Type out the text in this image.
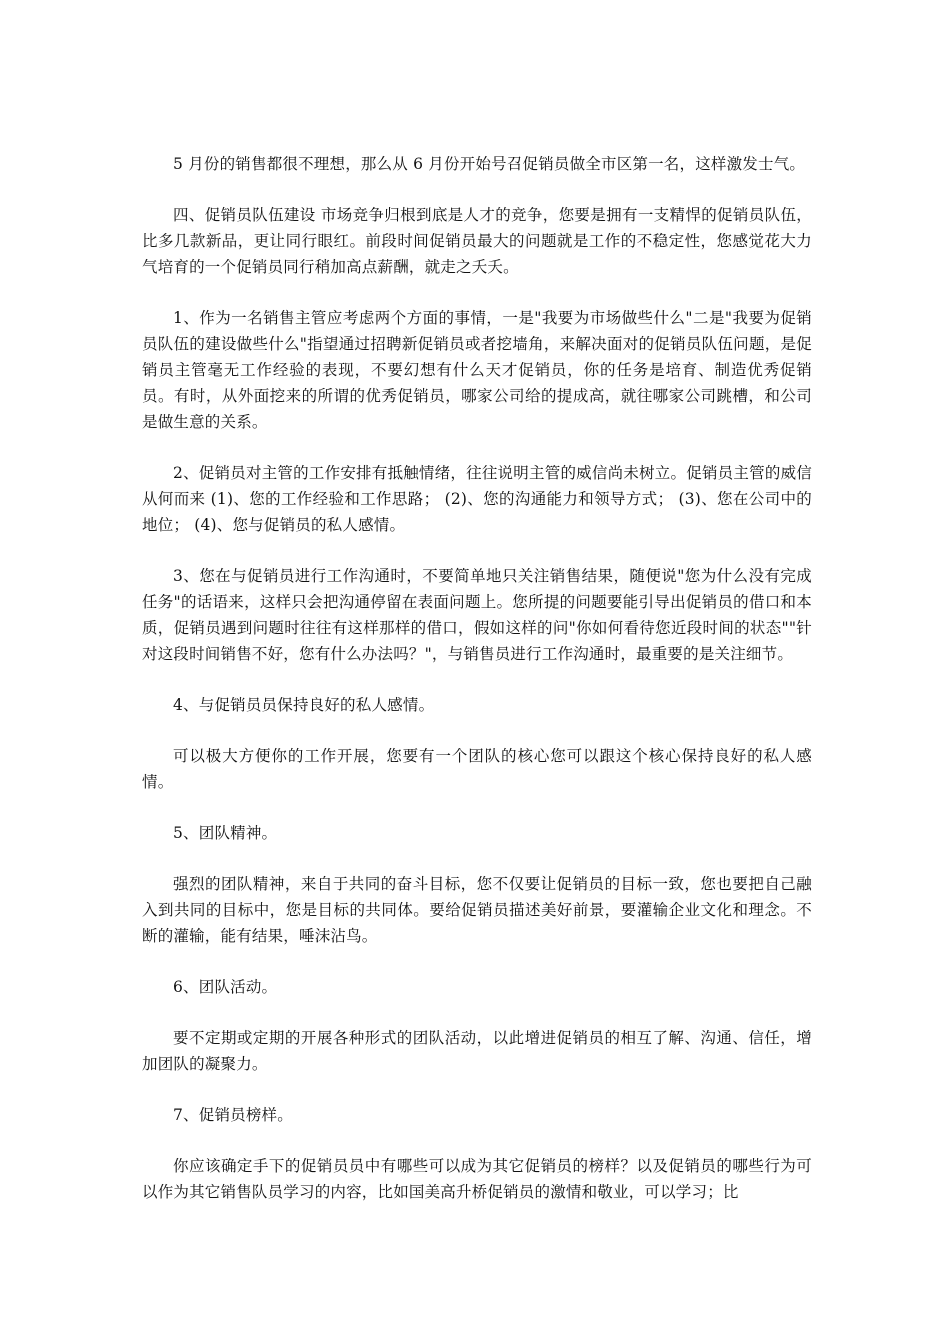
5 月份的销售都很不理想，那么从 6 月份开始号召促销员做全市区第一名，这样激发士气。

四、促销员队伍建设 市场竞争归根到底是人才的竞争，您要是拥有一支精悍的促销员队伍，比多几款新品，更让同行眼红。前段时间促销员最大的问题就是工作的不稳定性，您感觉花大力气培育的一个促销员同行稍加高点薪酬，就走之夭夭。

1、作为一名销售主管应考虑两个方面的事情，一是"我要为市场做些什么"二是"我要为促销员队伍的建设做些什么"指望通过招聘新促销员或者挖墙角，来解决面对的促销员队伍问题，是促销员主管毫无工作经验的表现，不要幻想有什么天才促销员，你的任务是培育、制造优秀促销员。有时，从外面挖来的所谓的优秀促销员，哪家公司给的提成高，就往哪家公司跳槽，和公司是做生意的关系。

2、促销员对主管的工作安排有抵触情绪，往往说明主管的威信尚未树立。促销员主管的威信从何而来 (1)、您的工作经验和工作思路； (2)、您的沟通能力和领导方式； (3)、您在公司中的地位； (4)、您与促销员的私人感情。

3、您在与促销员进行工作沟通时，不要简单地只关注销售结果，随便说"您为什么没有完成任务"的话语来，这样只会把沟通停留在表面问题上。您所提的问题要能引导出促销员的借口和本质，促销员遇到问题时往往有这样那样的借口，假如这样的问"你如何看待您近段时间的状态""针对这段时间销售不好，您有什么办法吗？"，与销售员进行工作沟通时，最重要的是关注细节。

4、与促销员员保持良好的私人感情。

可以极大方便你的工作开展，您要有一个团队的核心您可以跟这个核心保持良好的私人感情。

5、团队精神。

强烈的团队精神，来自于共同的奋斗目标，您不仅要让促销员的目标一致，您也要把自己融入到共同的目标中，您是目标的共同体。要给促销员描述美好前景，要灌输企业文化和理念。不断的灌输，能有结果，唾沫沾鸟。

6、团队活动。

要不定期或定期的开展各种形式的团队活动，以此增进促销员的相互了解、沟通、信任，增加团队的凝聚力。

7、促销员榜样。

你应该确定手下的促销员员中有哪些可以成为其它促销员的榜样？以及促销员的哪些行为可以作为其它销售队员学习的内容，比如国美高升桥促销员的激情和敬业，可以学习；比
